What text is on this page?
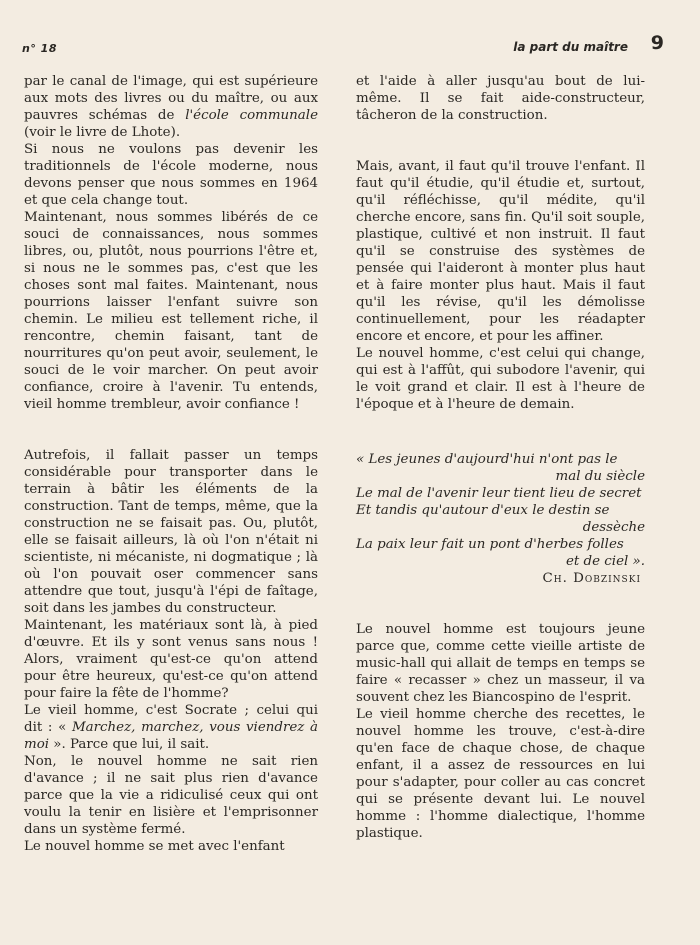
n° 18	la part du maître 9

par le canal de l'image, qui est supérieure aux mots des livres ou du maître, ou aux pauvres schémas de l'école communale (voir le livre de Lhote).

Si nous ne voulons pas devenir les traditionnels de l'école moderne, nous devons penser que nous sommes en 1964 et que cela change tout.

Maintenant, nous sommes libérés de ce souci de connaissances, nous sommes libres, ou, plutôt, nous pourrions l'être et, si nous ne le sommes pas, c'est que les choses sont mal faites. Maintenant, nous pourrions laisser l'enfant suivre son chemin. Le milieu est tellement riche, il rencontre, chemin faisant, tant de nourritures qu'on peut avoir, seulement, le souci de le voir marcher. On peut avoir confiance, croire à l'avenir. Tu entends, vieil homme trembleur, avoir confiance !

Autrefois, il fallait passer un temps considérable pour transporter dans le terrain à bâtir les éléments de la construction. Tant de temps, même, que la construction ne se faisait pas. Ou, plutôt, elle se faisait ailleurs, là où l'on n'était ni scientiste, ni mécaniste, ni dogmatique ; là où l'on pouvait oser commencer sans attendre que tout, jusqu'à l'épi de faîtage, soit dans les jambes du constructeur.

Maintenant, les matériaux sont là, à pied d'œuvre. Et ils y sont venus sans nous ! Alors, vraiment qu'est-ce qu'on attend pour être heureux, qu'est-ce qu'on attend pour faire la fête de l'homme?

Le vieil homme, c'est Socrate ; celui qui dit : « Marchez, marchez, vous viendrez à moi ». Parce que lui, il sait.

Non, le nouvel homme ne sait rien d'avance ; il ne sait plus rien d'avance parce que la vie a ridiculisé ceux qui ont voulu la tenir en lisière et l'emprisonner dans un système fermé.

Le nouvel homme se met avec l'enfant

et l'aide à aller jusqu'au bout de lui-même. Il se fait aide-constructeur, tâcheron de la construction.

Mais, avant, il faut qu'il trouve l'enfant. Il faut qu'il étudie, qu'il étudie et, surtout, qu'il réfléchisse, qu'il médite, qu'il cherche encore, sans fin. Qu'il soit souple, plastique, cultivé et non instruit. Il faut qu'il se construise des systèmes de pensée qui l'aideront à monter plus haut et à faire monter plus haut. Mais il faut qu'il les révise, qu'il les démolisse continuellement, pour les réadapter encore et encore, et pour les affiner.

Le nouvel homme, c'est celui qui change, qui est à l'affût, qui subodore l'avenir, qui le voit grand et clair. Il est à l'heure de l'époque et à l'heure de demain.

« Les jeunes d'aujourd'hui n'ont pas le

mal du siècle

Le mal de l'avenir leur tient lieu de secret

Et tandis qu'autour d'eux le destin se

dessèche

La paix leur fait un pont d'herbes folles

et de ciel ».

Ch. Dobzinski

Le nouvel homme est toujours jeune parce que, comme cette vieille artiste de music-hall qui allait de temps en temps se faire « recasser » chez un masseur, il va souvent chez les Biancospino de l'esprit.

Le vieil homme cherche des recettes, le nouvel homme les trouve, c'est-à-dire qu'en face de chaque chose, de chaque enfant, il a assez de ressources en lui pour s'adapter, pour coller au cas concret qui se présente devant lui. Le nouvel homme : l'homme dialectique, l'homme plastique.
